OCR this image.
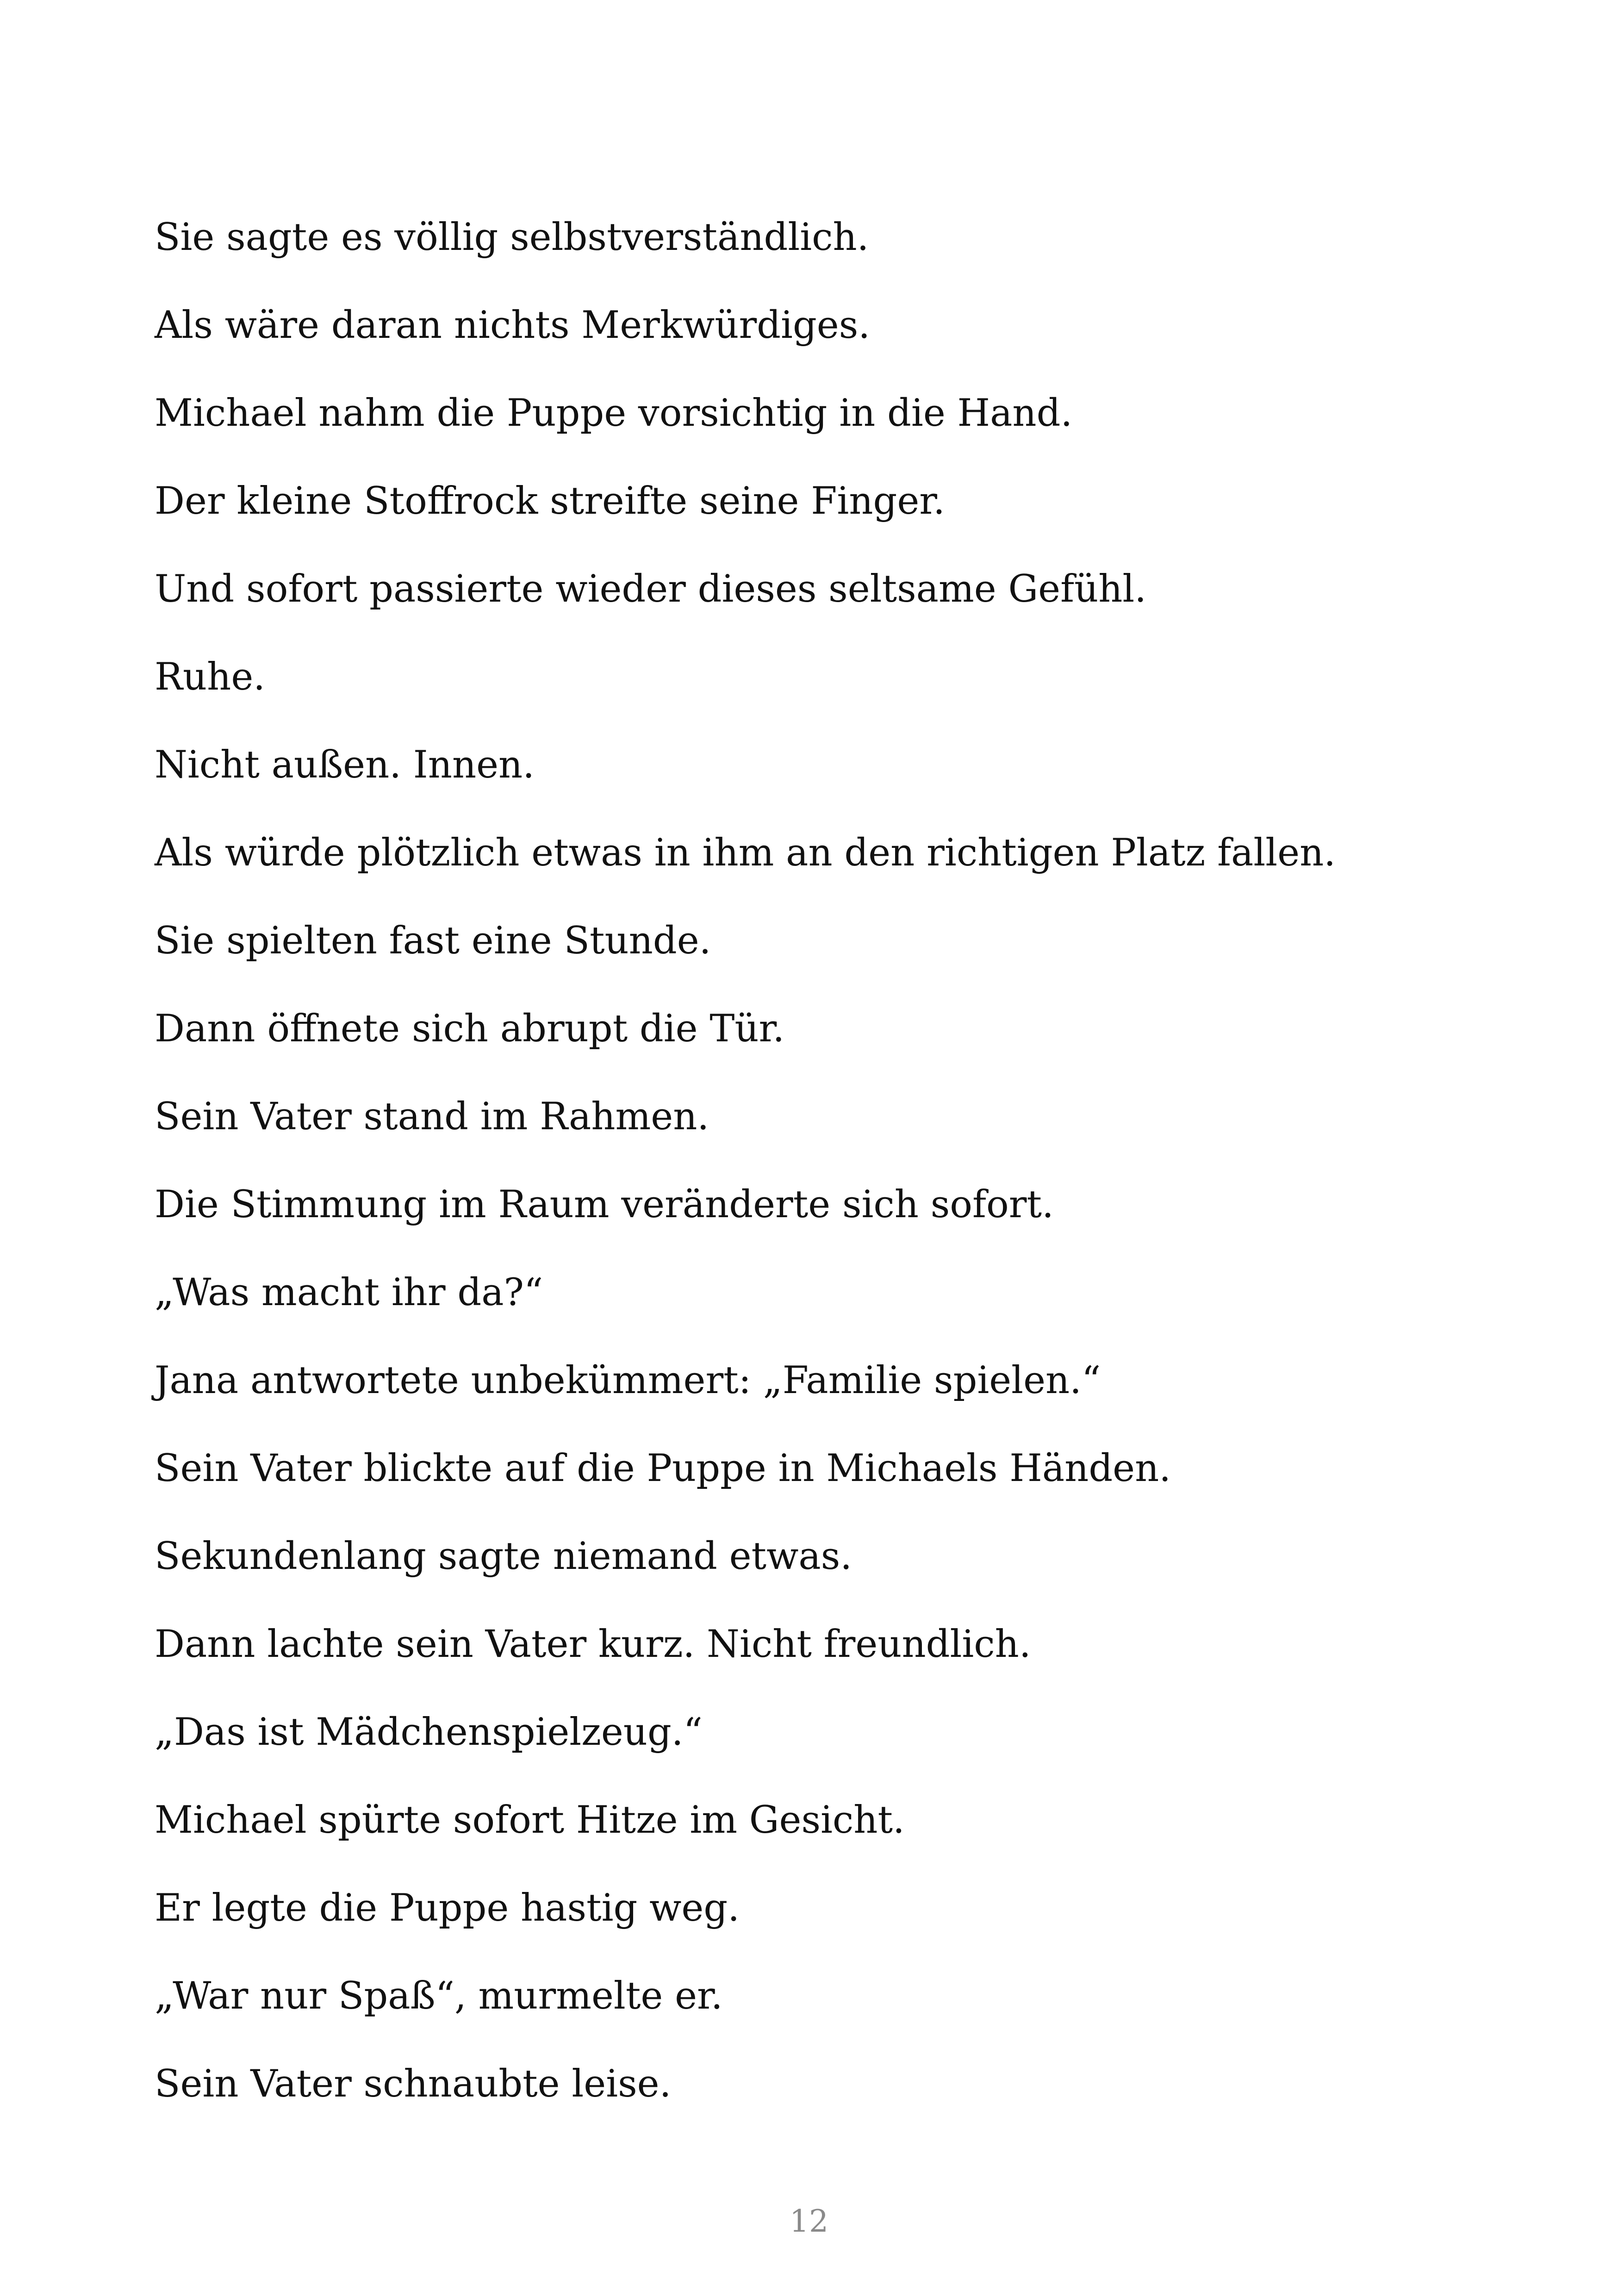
Sie sagte es völlig selbstverständlich.
Als wäre daran nichts Merkwürdiges.
Michael nahm die Puppe vorsichtig in die Hand.
Der kleine Stoffrock streifte seine Finger.
Und sofort passierte wieder dieses seltsame Gefühl.
Ruhe.
Nicht außen. Innen.
Als würde plötzlich etwas in ihm an den richtigen Platz fallen.
Sie spielten fast eine Stunde.
Dann öffnete sich abrupt die Tür.
Sein Vater stand im Rahmen.
Die Stimmung im Raum veränderte sich sofort.
„Was macht ihr da?“
Jana antwortete unbekümmert: „Familie spielen.“
Sein Vater blickte auf die Puppe in Michaels Händen.
Sekundenlang sagte niemand etwas.
Dann lachte sein Vater kurz. Nicht freundlich.
„Das ist Mädchenspielzeug.“
Michael spürte sofort Hitze im Gesicht.
Er legte die Puppe hastig weg.
„War nur Spaß“, murmelte er.
Sein Vater schnaubte leise.
12
